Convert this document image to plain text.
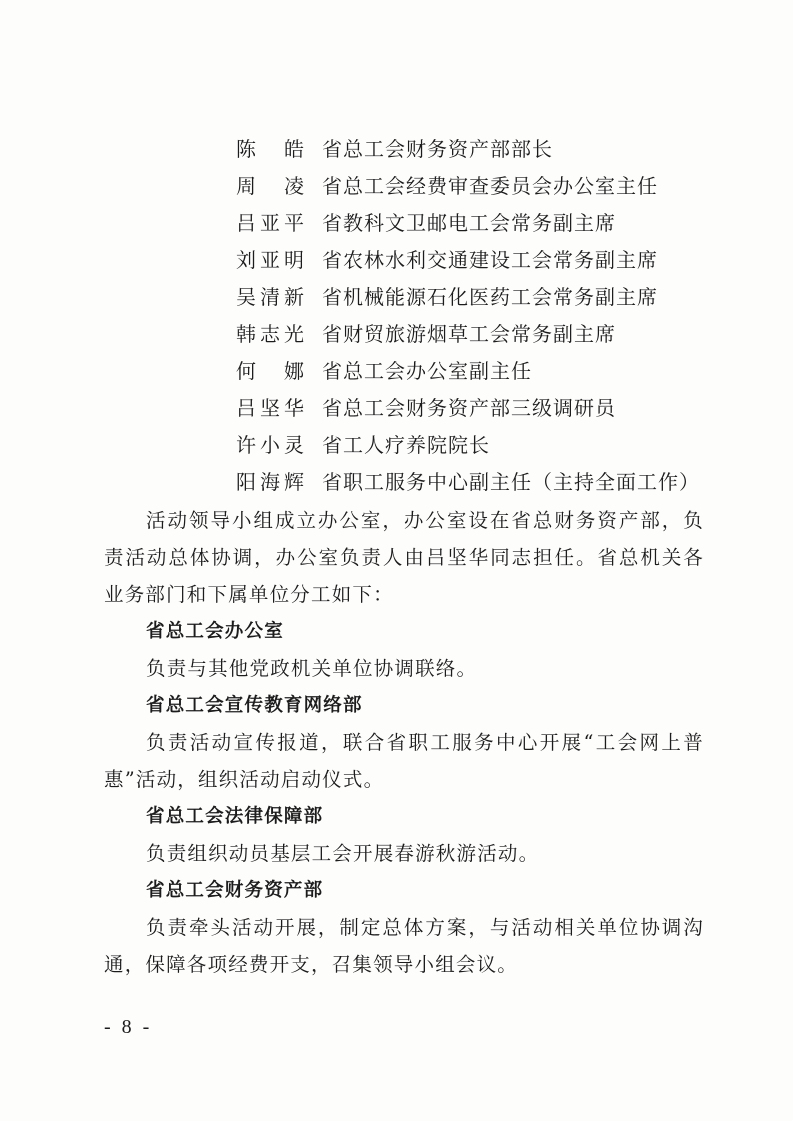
陈 皓 省总工会财务资产部部长
周 凌 省总工会经费审查委员会办公室主任
吕 亚 平 省教科文卫邮电工会常务副主席
刘 亚 明 省农林水利交通建设工会常务副主席
吴 清 新 省机械能源石化医药工会常务副主席
韩 志 光 省财贸旅游烟草工会常务副主席
何 娜 省总工会办公室副主任
吕 坚 华 省总工会财务资产部三级调研员
许 小 灵 省工人疗养院院长
阳 海 辉 省职工服务中心副主任（主持全面工作）

活动领导小组成立办公室，办公室设在省总财务资产部，负责活动总体协调，办公室负责人由吕坚华同志担任。省总机关各业务部门和下属单位分工如下：

省总工会办公室

负责与其他党政机关单位协调联络。

省总工会宣传教育网络部

负责活动宣传报道，联合省职工服务中心开展“工会网上普惠”活动，组织活动启动仪式。

省总工会法律保障部

负责组织动员基层工会开展春游秋游活动。

省总工会财务资产部

负责牵头活动开展，制定总体方案，与活动相关单位协调沟通，保障各项经费开支，召集领导小组会议。

- 8 -
